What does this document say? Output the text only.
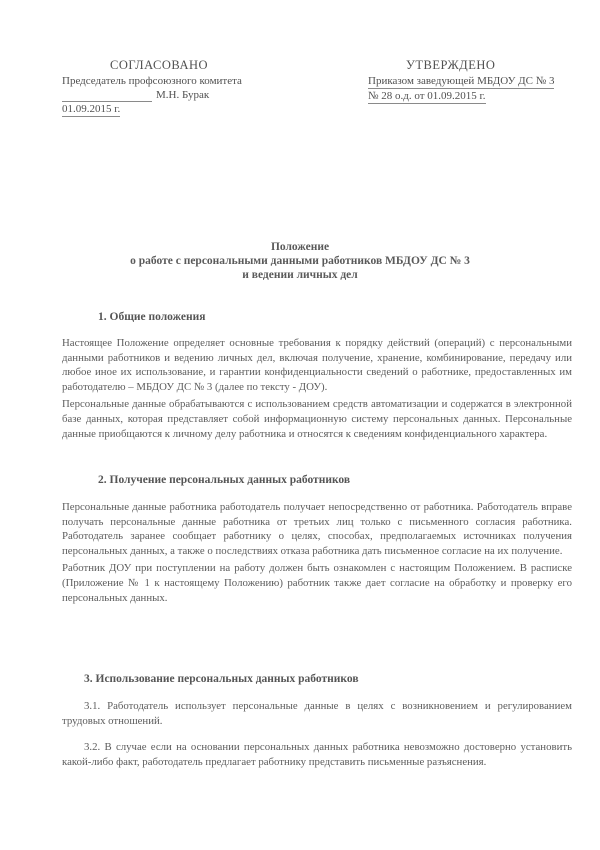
СОГЛАСОВАНО
Председатель профсоюзного комитета
М.Н. Бурак
01.09.2015 г.
УТВЕРЖДЕНО
Приказом заведующей МБДОУ ДС № 3
№ 28 о.д. от 01.09.2015 г.
Положение
о работе с персональными данными работников МБДОУ ДС № 3
и ведении личных дел
1. Общие положения

Настоящее Положение определяет основные требования к порядку действий (операций) с персональными данными работников и ведению личных дел, включая получение, хранение, комбинирование, передачу или любое иное их использование, и гарантии конфиденциальности сведений о работнике, предоставленных им работодателю – МБДОУ ДС № 3 (далее по тексту - ДОУ).

Персональные данные обрабатываются с использованием средств автоматизации и содержатся в электронной базе данных, которая представляет собой информационную систему персональных данных. Персональные данные приобщаются к личному делу работника и относятся к сведениям конфиденциального характера.

2. Получение персональных данных работников

Персональные данные работника работодатель получает непосредственно от работника. Работодатель вправе получать персональные данные работника от третьих лиц только с письменного согласия работника. Работодатель заранее сообщает работнику о целях, способах, предполагаемых источниках получения персональных данных, а также о последствиях отказа работника дать письменное согласие на их получение.

Работник ДОУ при поступлении на работу должен быть ознакомлен с настоящим Положением. В расписке (Приложение № 1 к настоящему Положению) работник также дает согласие на обработку и проверку его персональных данных.

3. Использование персональных данных работников

3.1. Работодатель использует персональные данные в целях с возникновением и регулированием трудовых отношений.

3.2. В случае если на основании персональных данных работника невозможно достоверно установить какой-либо факт, работодатель предлагает работнику представить письменные разъяснения.
